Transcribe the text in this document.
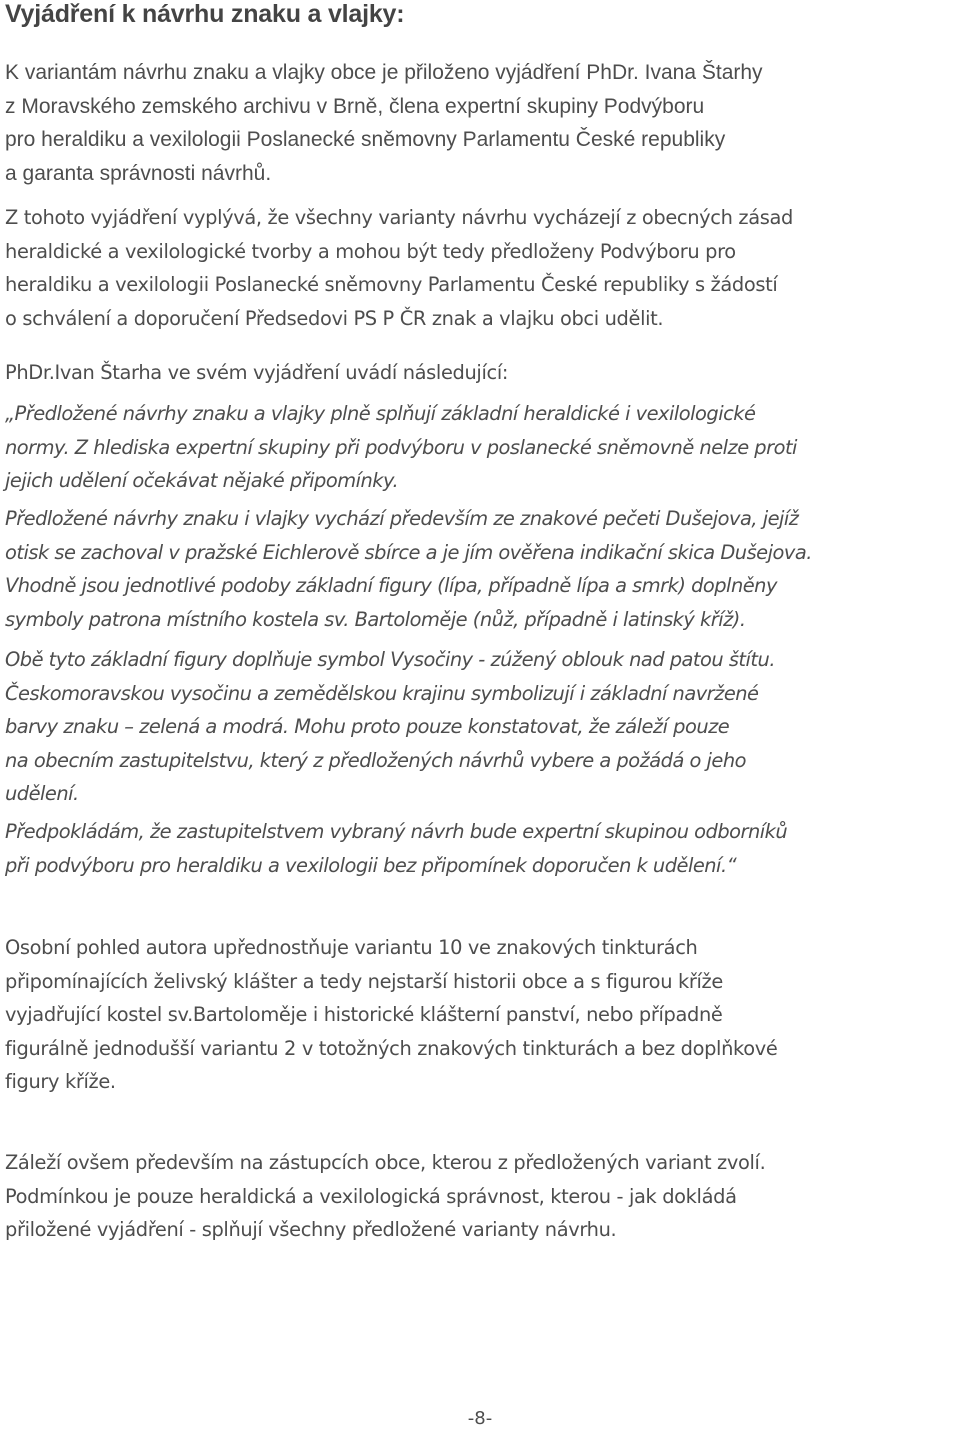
Vyjádření k návrhu znaku a vlajky:
K variantám návrhu znaku a vlajky obce je přiloženo vyjádření PhDr. Ivana Štarhy
z Moravského zemského archivu v Brně, člena expertní skupiny Podvýboru
pro heraldiku a vexilologii Poslanecké sněmovny Parlamentu České republiky
a garanta správnosti návrhů.
Z tohoto vyjádření vyplývá, že všechny varianty návrhu vycházejí z obecných zásad
heraldické a vexilologické tvorby a mohou být tedy předloženy Podvýboru pro
heraldiku a vexilologii Poslanecké sněmovny Parlamentu České republiky s žádostí
o schválení a doporučení Předsedovi PS P ČR znak a vlajku obci udělit.
PhDr.Ivan Štarha ve svém vyjádření uvádí následující:
„Předložené návrhy znaku a vlajky plně splňují základní heraldické i vexilologické
normy. Z hlediska expertní skupiny při podvýboru v poslanecké sněmovně nelze proti
jejich udělení očekávat nějaké připomínky.
Předložené návrhy znaku i vlajky vychází především ze znakové pečeti Dušejova, jejíž
otisk se zachoval v pražské Eichlerově sbírce a je jím ověřena indikační skica Dušejova.
Vhodně jsou jednotlivé podoby základní figury (lípa, případně lípa a smrk) doplněny
symboly patrona místního kostela sv. Bartoloměje (nůž, případně i latinský kříž).
Obě tyto základní figury doplňuje symbol Vysočiny - zúžený oblouk nad patou štítu.
Českomoravskou vysočinu a zemědělskou krajinu symbolizují i základní navržené
barvy znaku – zelená a modrá. Mohu proto pouze konstatovat, že záleží pouze
na obecním zastupitelstvu, který z předložených návrhů vybere a požádá o jeho
udělení.
Předpokládám, že zastupitelstvem vybraný návrh bude expertní skupinou odborníků
při podvýboru pro heraldiku a vexilologii bez připomínek doporučen k udělení.“
Osobní pohled autora upřednostňuje variantu 10 ve znakových tinkturách
připomínajících želivský klášter a tedy nejstarší historii obce a s figurou kříže
vyjadřující kostel sv.Bartoloměje i historické klášterní panství, nebo případně
figurálně jednodušší variantu 2 v totožných znakových tinkturách a bez doplňkové
figury kříže.
Záleží ovšem především na zástupcích obce, kterou z předložených variant zvolí.
Podmínkou je pouze heraldická a vexilologická správnost, kterou - jak dokládá
přiložené vyjádření - splňují všechny předložené varianty návrhu.
-8-
